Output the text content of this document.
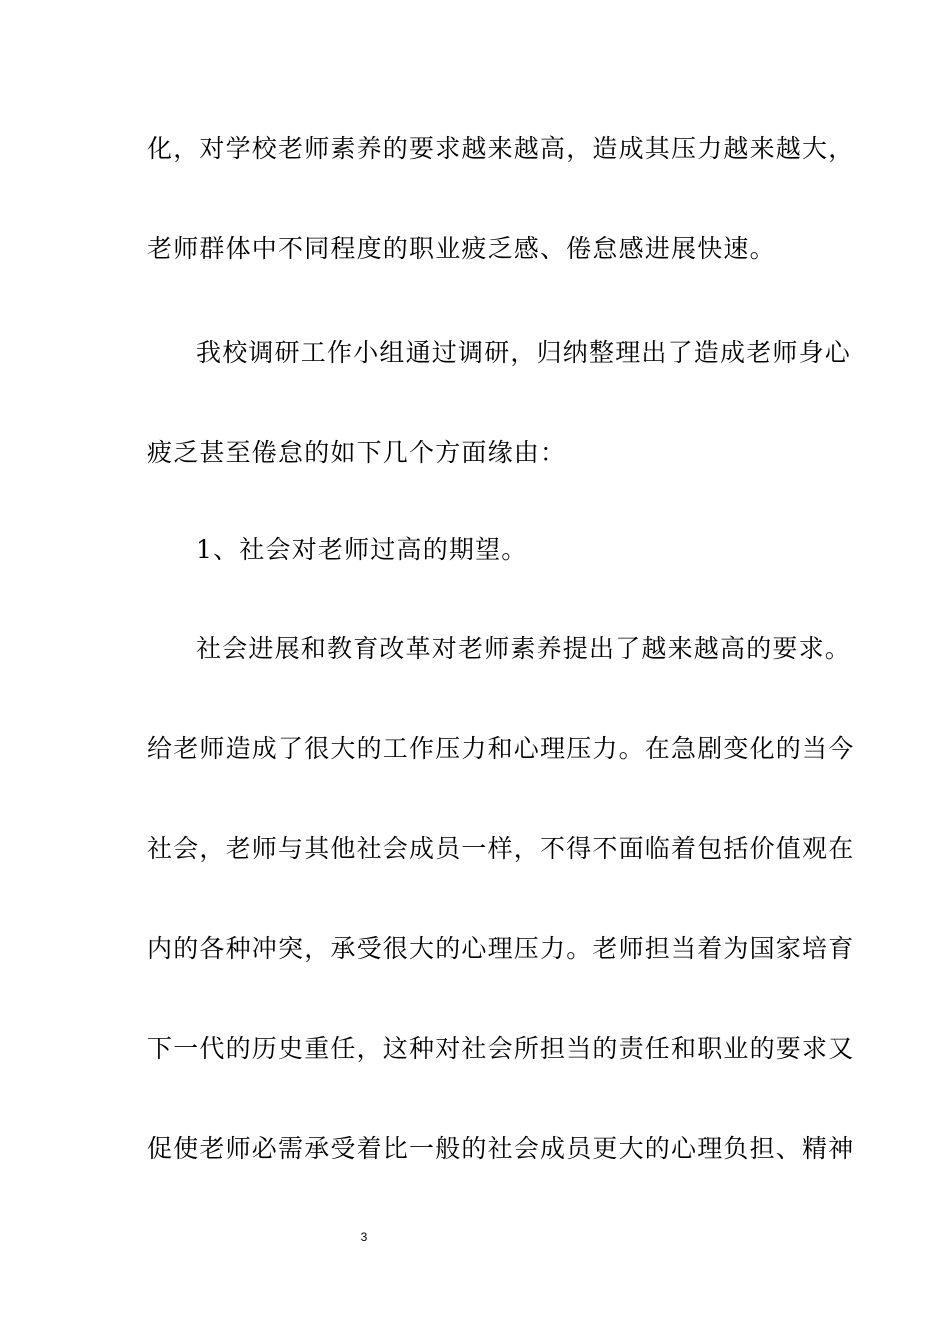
化，对学校老师素养的要求越来越高，造成其压力越来越大，
老师群体中不同程度的职业疲乏感、倦怠感进展快速。
我校调研工作小组通过调研，归纳整理出了造成老师身心
疲乏甚至倦怠的如下几个方面缘由：
1、社会对老师过高的期望。
社会进展和教育改革对老师素养提出了越来越高的要求。
给老师造成了很大的工作压力和心理压力。在急剧变化的当今
社会，老师与其他社会成员一样，不得不面临着包括价值观在
内的各种冲突，承受很大的心理压力。老师担当着为国家培育
下一代的历史重任，这种对社会所担当的责任和职业的要求又
促使老师必需承受着比一般的社会成员更大的心理负担、精神
3
